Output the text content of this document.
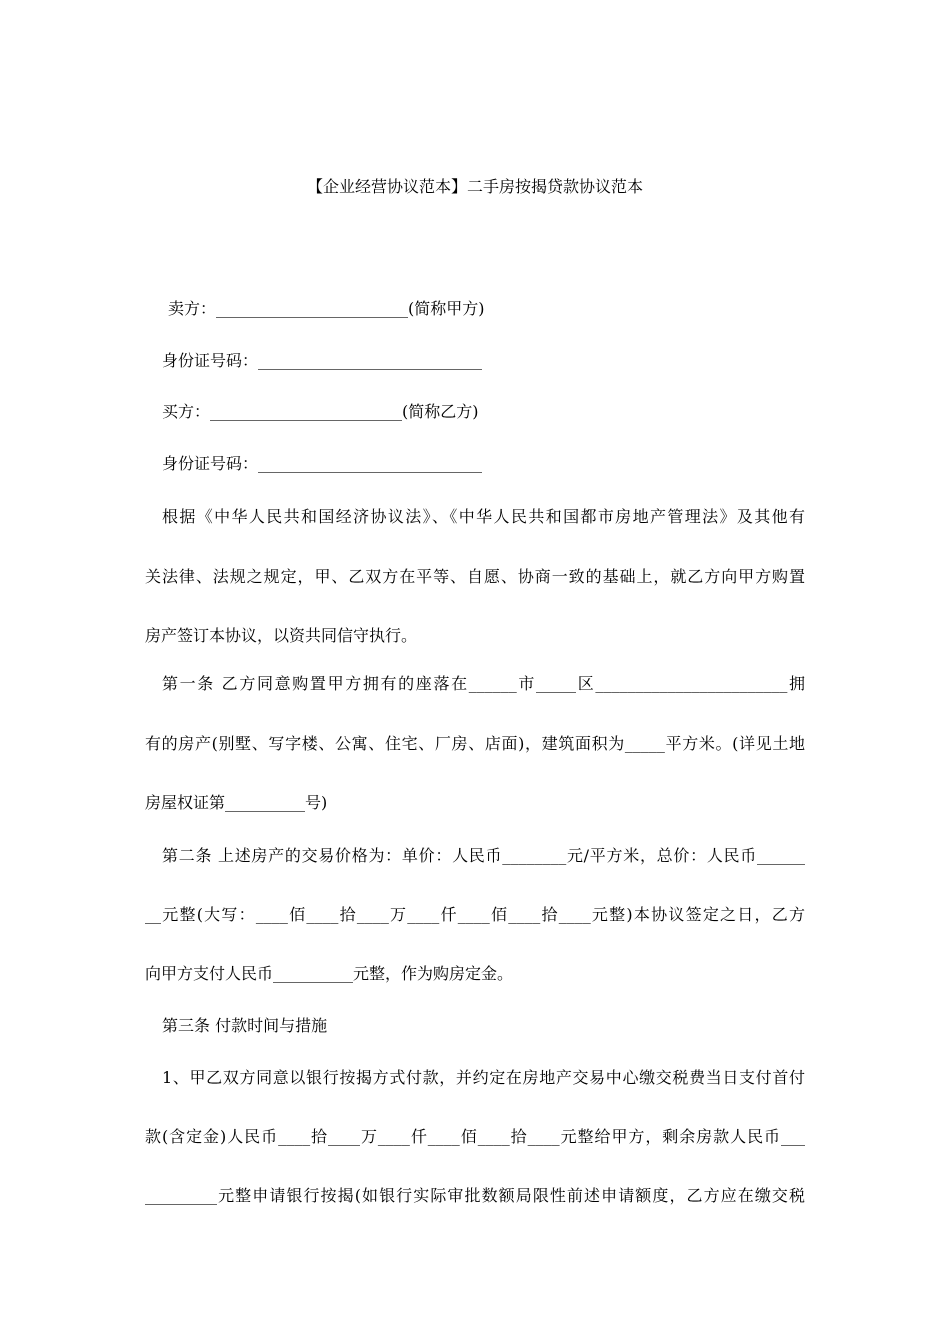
【企业经营协议范本】二手房按揭贷款协议范本
卖方：________________________(简称甲方)
身份证号码：____________________________
买方：________________________(简称乙方)
身份证号码：____________________________
根据《中华人民共和国经济协议法》、《中华人民共和国都市房地产管理法》及其他有
关法律、法规之规定，甲、乙双方在平等、自愿、协商一致的基础上，就乙方向甲方购置
房产签订本协议，以资共同信守执行。
第一条 乙方同意购置甲方拥有的座落在______市_____区________________________拥
有的房产(别墅、写字楼、公寓、住宅、厂房、店面)，建筑面积为_____平方米。(详见土地
房屋权证第__________号)
第二条 上述房产的交易价格为：单价：人民币________元/平方米，总价：人民币______
__元整(大写：____佰____拾____万____仟____佰____拾____元整)本协议签定之日，乙方
向甲方支付人民币__________元整，作为购房定金。
第三条 付款时间与措施
1、甲乙双方同意以银行按揭方式付款，并约定在房地产交易中心缴交税费当日支付首付
款(含定金)人民币____拾____万____仟____佰____拾____元整给甲方，剩余房款人民币___
_________元整申请银行按揭(如银行实际审批数额局限性前述申请额度，乙方应在缴交税
